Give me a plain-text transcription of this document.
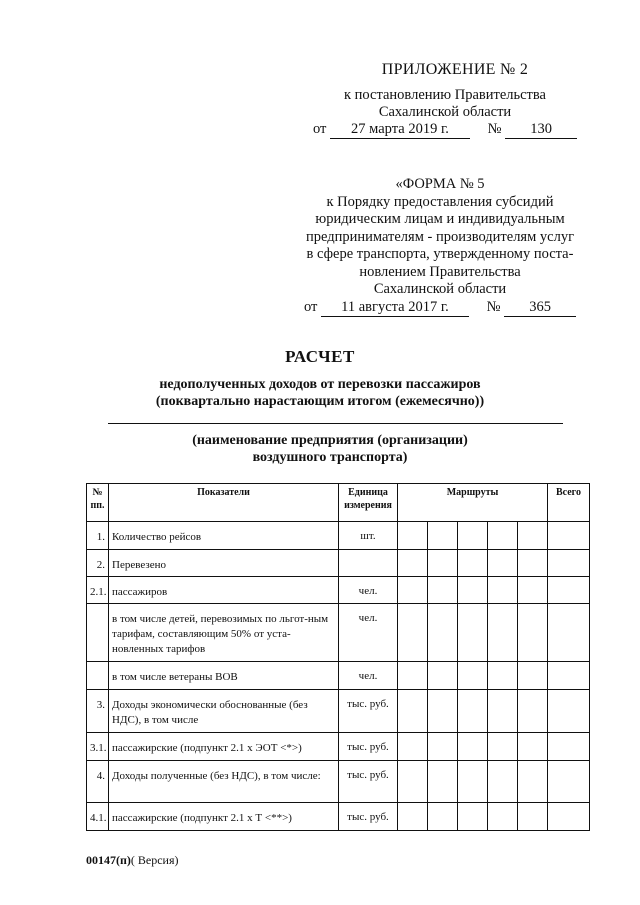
ПРИЛОЖЕНИЕ № 2
к постановлению Правительства
Сахалинской области
от 27 марта 2019 г.	№ 130
«ФОРМА № 5
к Порядку предоставления субсидий
юридическим лицам и индивидуальным
предпринимателям - производителям услуг
в сфере транспорта, утвержденному поста-
новлением Правительства
Сахалинской области
от 11 августа 2017 г.	№ 365
РАСЧЕТ
недополученных доходов от перевозки пассажиров
(поквартально нарастающим итогом (ежемесячно))
(наименование предприятия (организации)
воздушного транспорта)
№ пп.	Показатели	Единица измерения	Маршруты					Всего
1.	Количество рейсов	шт.						
2.	Перевезено							
2.1.	пассажиров	чел.						
	в том числе детей, перевозимых по льгот-ным тарифам, составляющим 50% от уста-новленных тарифов	чел.						
	в том числе ветераны ВОВ	чел.						
3.	Доходы экономически обоснованные (без НДС), в том числе	тыс. руб.						
3.1.	пассажирские (подпункт 2.1 х ЭОТ <*>)	тыс. руб.						
4.	Доходы полученные (без НДС), в том числе:	тыс. руб.						
4.1.	пассажирские (подпункт 2.1 х Т <**>)	тыс. руб.						
00147(п)( Версия)
